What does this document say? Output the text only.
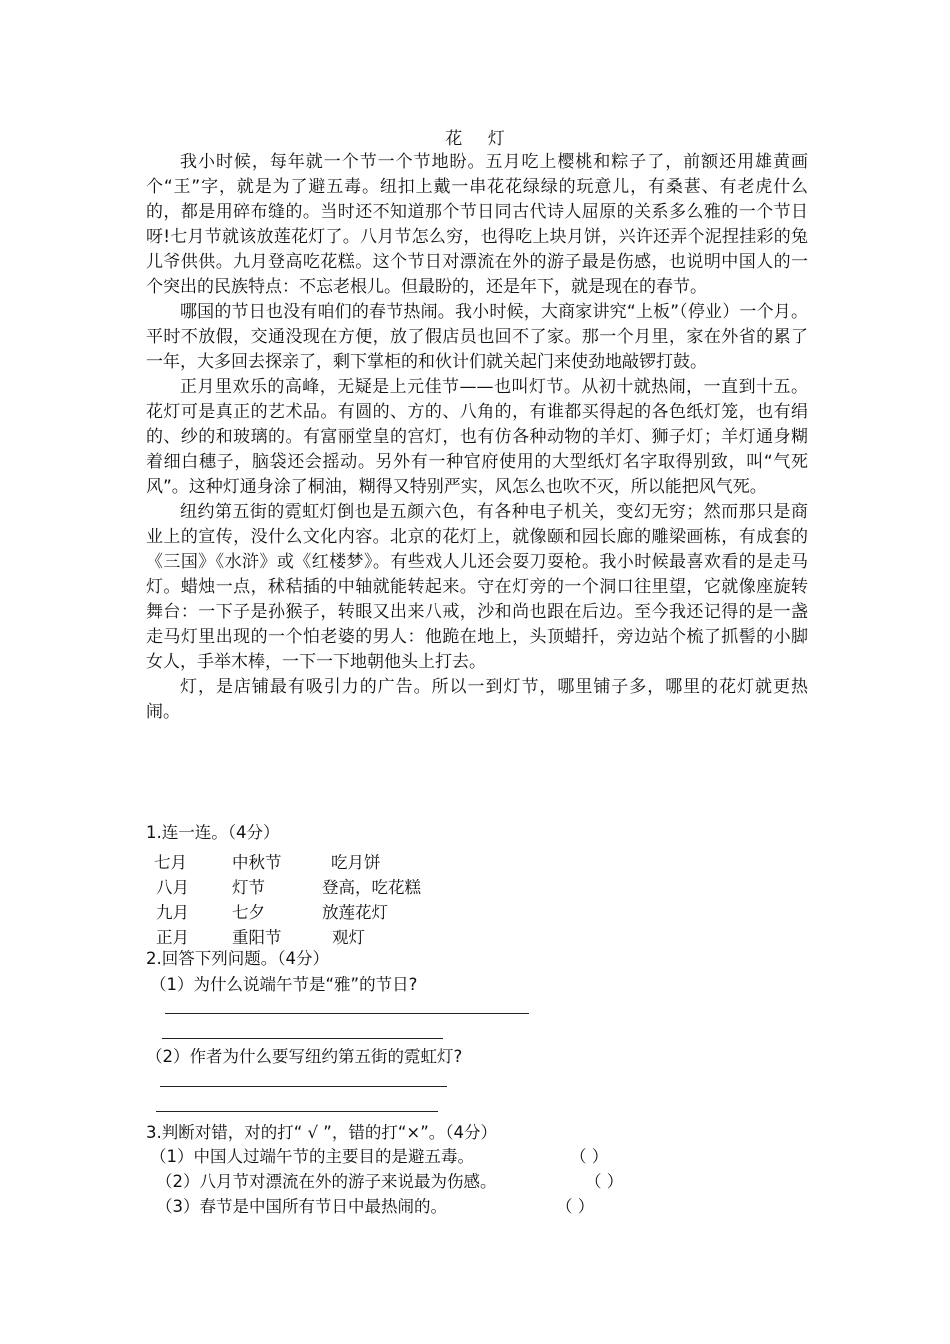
花 灯

我小时候，每年就一个节一个节地盼。五月吃上樱桃和粽子了，前额还用雄黄画个“王”字，就是为了避五毒。纽扣上戴一串花花绿绿的玩意儿，有桑葚、有老虎什么的，都是用碎布缝的。当时还不知道那个节日同古代诗人屈原的关系多么雅的一个节日呀!七月节就该放莲花灯了。八月节怎么穷，也得吃上块月饼，兴许还弄个泥捏挂彩的兔儿爷供供。九月登高吃花糕。这个节日对漂流在外的游子最是伤感，也说明中国人的一个突出的民族特点：不忘老根儿。但最盼的，还是年下，就是现在的春节。

哪国的节日也没有咱们的春节热闹。我小时候，大商家讲究“上板”（停业）一个月。平时不放假，交通没现在方便，放了假店员也回不了家。那一个月里，家在外省的累了一年，大多回去探亲了，剩下掌柜的和伙计们就关起门来使劲地敲锣打鼓。

正月里欢乐的高峰，无疑是上元佳节——也叫灯节。从初十就热闹，一直到十五。花灯可是真正的艺术品。有圆的、方的、八角的，有谁都买得起的各色纸灯笼，也有绢的、纱的和玻璃的。有富丽堂皇的宫灯，也有仿各种动物的羊灯、狮子灯；羊灯通身糊着细白穗子，脑袋还会摇动。另外有一种官府使用的大型纸灯名字取得别致，叫“气死风”。这种灯通身涂了桐油，糊得又特别严实，风怎么也吹不灭，所以能把风气死。

纽约第五街的霓虹灯倒也是五颜六色，有各种电子机关，变幻无穷；然而那只是商业上的宣传，没什么文化内容。北京的花灯上，就像颐和园长廊的雕梁画栋，有成套的《三国》《水浒》或《红楼梦》。有些戏人儿还会耍刀耍枪。我小时候最喜欢看的是走马灯。蜡烛一点，秫秸插的中轴就能转起来。守在灯旁的一个洞口往里望，它就像座旋转舞台：一下子是孙猴子，转眼又出来八戒，沙和尚也跟在后边。至今我还记得的是一盏走马灯里出现的一个怕老婆的男人：他跪在地上，头顶蜡扦，旁边站个梳了抓髻的小脚女人，手举木棒，一下一下地朝他头上打去。

灯，是店铺最有吸引力的广告。所以一到灯节，哪里铺子多，哪里的花灯就更热闹。

1.连一连。（4分）
七月	中秋节	吃月饼
八月	灯节	登高，吃花糕
九月	七夕	放莲花灯
正月	重阳节	观灯
2.回答下列问题。（4分）
（1）为什么说端午节是“雅”的节日?
（2）作者为什么要写纽约第五街的霓虹灯?
3.判断对错，对的打“ √ ”，错的打“×”。（4分）
（1）中国人过端午节的主要目的是避五毒。	（ ）
（2）八月节对漂流在外的游子来说最为伤感。	（ ）
（3）春节是中国所有节日中最热闹的。	（ ）
